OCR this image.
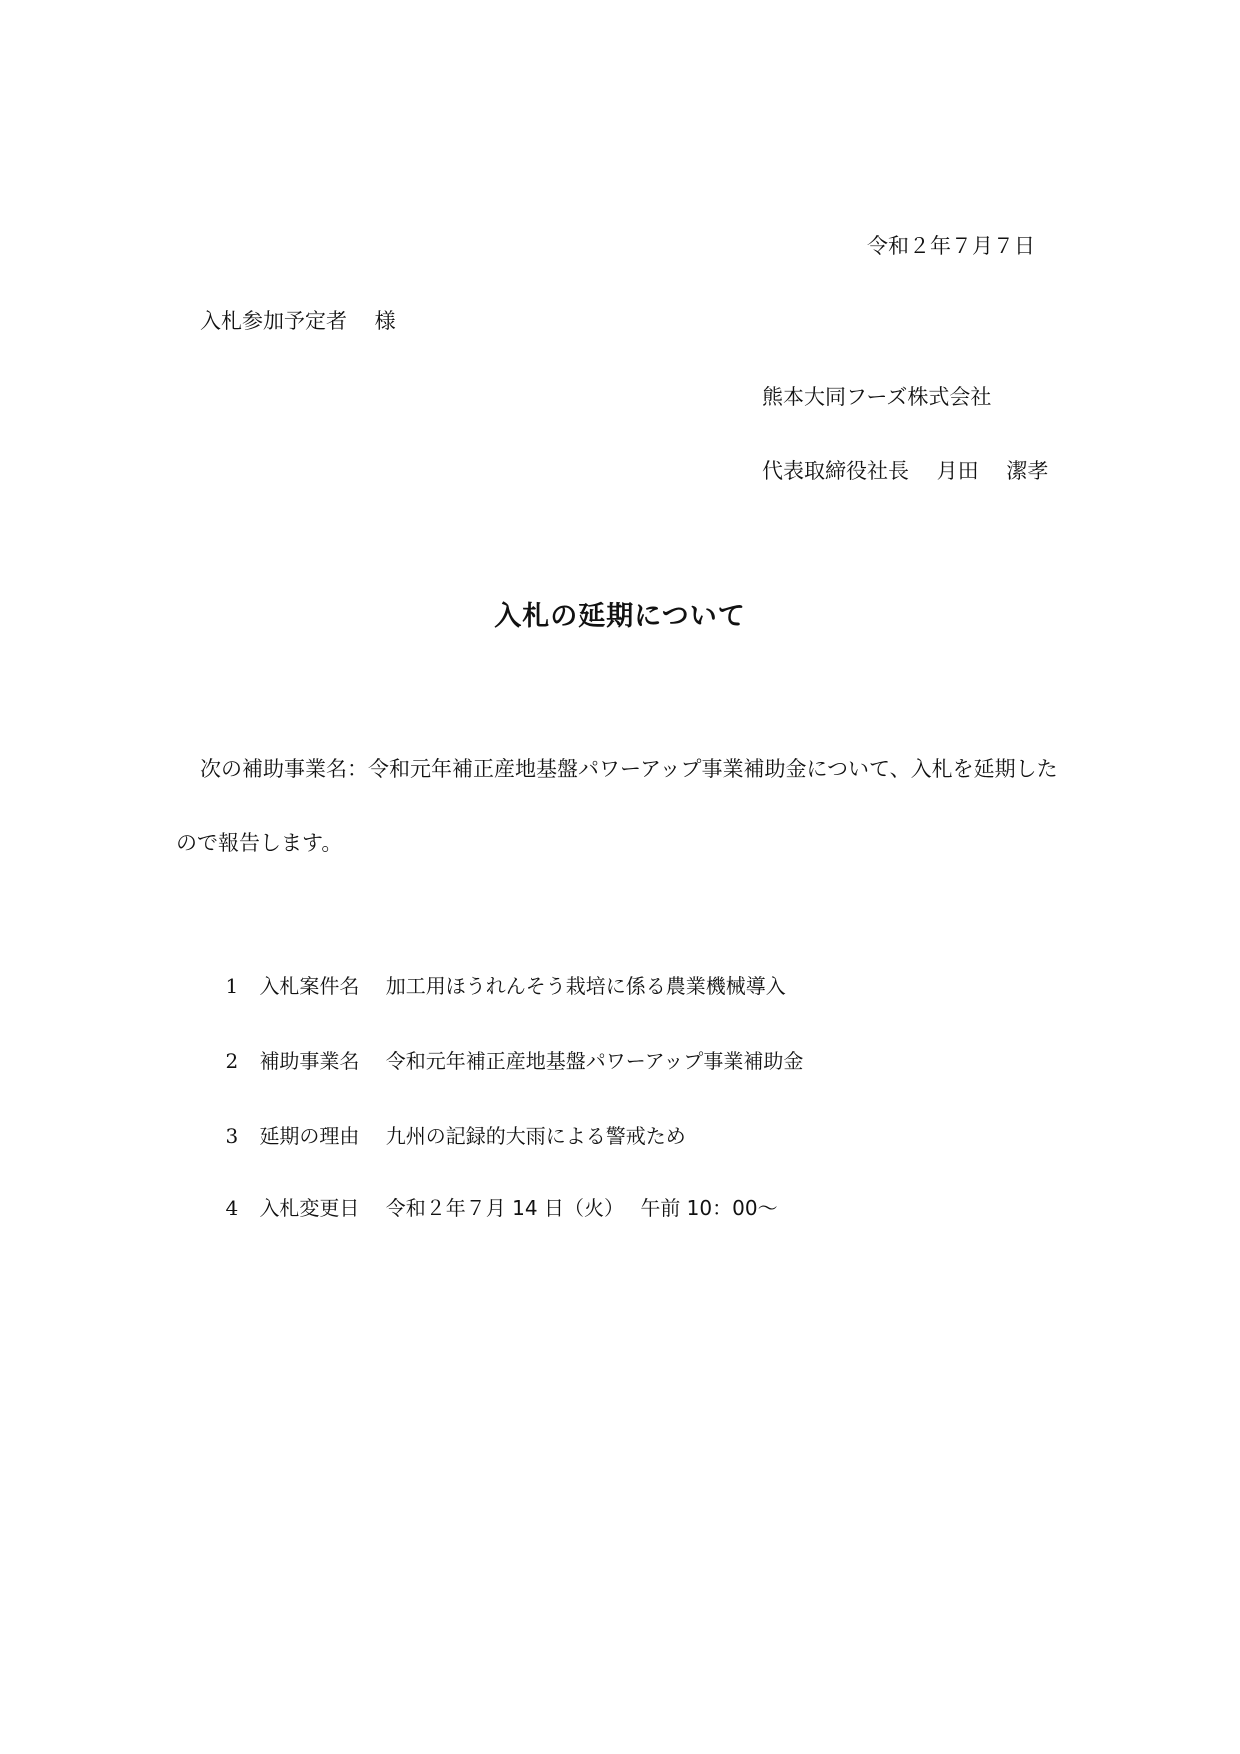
令和２年７月７日
入札参加予定者　 様
熊本大同フーズ株式会社
代表取締役社長　 月田　 潔孝
入札の延期について
次の補助事業名：令和元年補正産地基盤パワーアップ事業補助金について、入札を延期した
ので報告します。

1 入札案件名　 加工用ほうれんそう栽培に係る農業機械導入

2 補助事業名　 令和元年補正産地基盤パワーアップ事業補助金

3 延期の理由　 九州の記録的大雨による警戒ため

4 入札変更日　 令和２年７月 14 日（火）　 午前 10：00～
